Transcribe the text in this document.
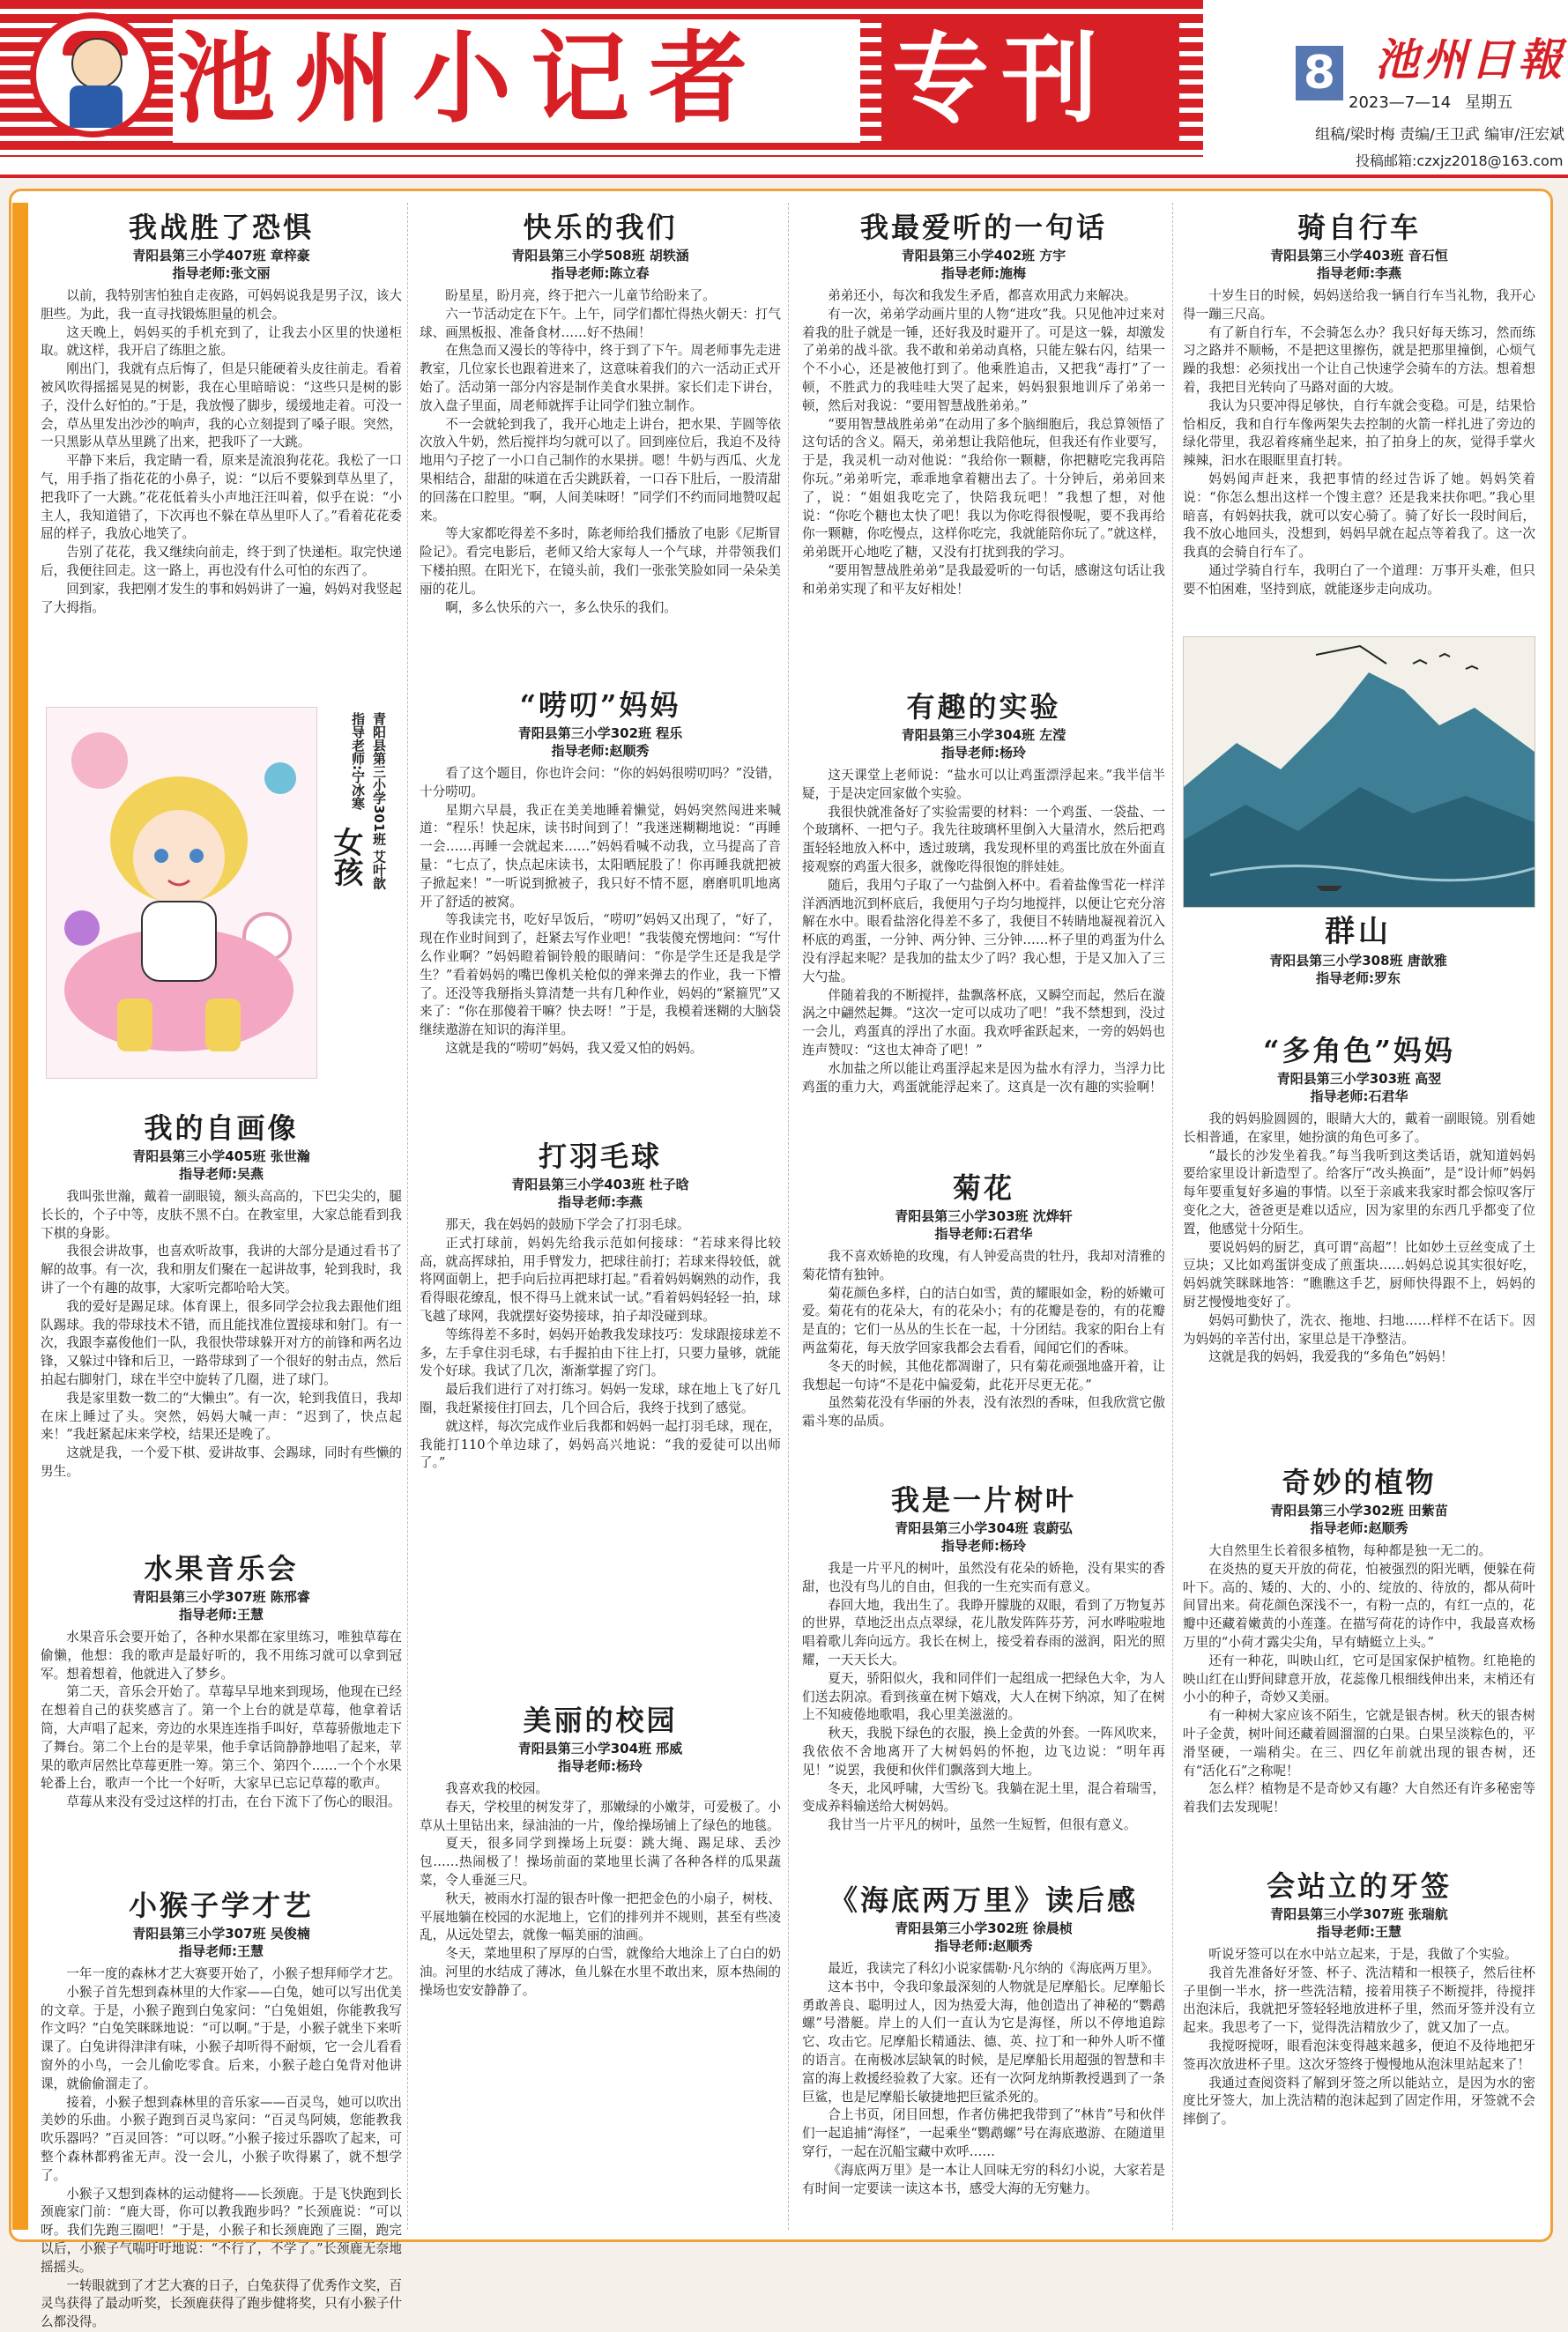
池州小记者 专刊	8 池州日報
2023—7—14 星期五
组稿/梁时梅 责编/王卫武 编审/汪宏斌
投稿邮箱:czxjz2018@163.com
我战胜了恐惧
青阳县第三小学407班 章梓豪
指导老师:张文丽

以前，我特别害怕独自走夜路，可妈妈说我是男子汉，该大胆些。为此，我一直寻找锻炼胆量的机会。

这天晚上，妈妈买的手机充到了，让我去小区里的快递柜取。就这样，我开启了练胆之旅。

刚出门，我就有点后悔了，但是只能硬着头皮往前走。看着被风吹得摇摇晃晃的树影，我在心里暗暗说：“这些只是树的影子，没什么好怕的。”于是，我放慢了脚步，缓缓地走着。可没一会，草丛里发出沙沙的响声，我的心立刻提到了嗓子眼。突然，一只黑影从草丛里跳了出来，把我吓了一大跳。

平静下来后，我定睛一看，原来是流浪狗花花。我松了一口气，用手指了指花花的小鼻子，说：“以后不要躲到草丛里了，把我吓了一大跳。”花花低着头小声地汪汪叫着，似乎在说：“小主人，我知道错了，下次再也不躲在草丛里吓人了。”看着花花委屈的样子，我放心地笑了。

告别了花花，我又继续向前走，终于到了快递柜。取完快递后，我便往回走。这一路上，再也没有什么可怕的东西了。

回到家，我把刚才发生的事和妈妈讲了一遍，妈妈对我竖起了大拇指。

青阳县第三小学301班 艾叶歆
指导老师:宁冰寒
女孩
我的自画像
青阳县第三小学405班 张世瀚
指导老师:吴燕

我叫张世瀚，戴着一副眼镜，额头高高的，下巴尖尖的，腿长长的，个子中等，皮肤不黑不白。在教室里，大家总能看到我下棋的身影。

我很会讲故事，也喜欢听故事，我讲的大部分是通过看书了解的故事。有一次，我和朋友们聚在一起讲故事，轮到我时，我讲了一个有趣的故事，大家听完都哈哈大笑。

我的爱好是踢足球。体育课上，很多同学会拉我去跟他们组队踢球。我的带球技术不错，而且能找准位置接球和射门。有一次，我跟李嘉俊他们一队，我很快带球躲开对方的前锋和两名边锋，又躲过中锋和后卫，一路带球到了一个很好的射击点，然后拍起右脚射门，球在半空中旋转了几圈，进了球门。

我是家里数一数二的“大懒虫”。有一次，轮到我值日，我却在床上睡过了头。突然，妈妈大喊一声：“迟到了，快点起来！”我赶紧起床来学校，结果还是晚了。

这就是我，一个爱下棋、爱讲故事、会踢球，同时有些懒的男生。

水果音乐会
青阳县第三小学307班 陈邢睿
指导老师:王慧

水果音乐会要开始了，各种水果都在家里练习，唯独草莓在偷懒，他想：我的歌声是最好听的，我不用练习就可以拿到冠军。想着想着，他就进入了梦乡。

第二天，音乐会开始了。草莓早早地来到现场，他现在已经在想着自己的获奖感言了。第一个上台的就是草莓，他拿着话筒，大声唱了起来，旁边的水果连连指手叫好，草莓骄傲地走下了舞台。第二个上台的是苹果，他手拿话筒静静地唱了起来，苹果的歌声居然比草莓更胜一筹。第三个、第四个……一个个水果轮番上台，歌声一个比一个好听，大家早已忘记草莓的歌声。

草莓从来没有受过这样的打击，在台下流下了伤心的眼泪。

小猴子学才艺
青阳县第三小学307班 吴俊楠
指导老师:王慧

一年一度的森林才艺大赛要开始了，小猴子想拜师学才艺。

小猴子首先想到森林里的大作家——白兔，她可以写出优美的文章。于是，小猴子跑到白兔家问：“白兔姐姐，你能教我写作文吗？”白兔笑眯眯地说：“可以啊。”于是，小猴子就坐下来听课了。白兔讲得津津有味，小猴子却听得不耐烦，它一会儿看看窗外的小鸟，一会儿偷吃零食。后来，小猴子趁白兔背对他讲课，就偷偷溜走了。

接着，小猴子想到森林里的音乐家——百灵鸟，她可以吹出美妙的乐曲。小猴子跑到百灵鸟家问：“百灵鸟阿姨，您能教我吹乐器吗？”百灵回答：“可以呀。”小猴子接过乐器吹了起来，可整个森林都鸦雀无声。没一会儿，小猴子吹得累了，就不想学了。

小猴子又想到森林的运动健将——长颈鹿。于是飞快跑到长颈鹿家门前：“鹿大哥，你可以教我跑步吗？”长颈鹿说：“可以呀。我们先跑三圈吧！”于是，小猴子和长颈鹿跑了三圈，跑完以后，小猴子气喘吁吁地说：“不行了，不学了。”长颈鹿无奈地摇摇头。

一转眼就到了才艺大赛的日子，白兔获得了优秀作文奖，百灵鸟获得了最动听奖，长颈鹿获得了跑步健将奖，只有小猴子什么都没得。

快乐的我们
青阳县第三小学508班 胡轶涵
指导老师:陈立春

盼星星，盼月亮，终于把六一儿童节给盼来了。

六一节活动定在下午。上午，同学们都忙得热火朝天：打气球、画黑板报、准备食材……好不热闹！

在焦急而又漫长的等待中，终于到了下午。周老师事先走进教室，几位家长也跟着进来了，这意味着我们的六一活动正式开始了。活动第一部分内容是制作美食水果拼。家长们走下讲台，放入盘子里面，周老师就挥手让同学们独立制作。

不一会就轮到我了，我开心地走上讲台，把水果、芋圆等依次放入牛奶，然后搅拌均匀就可以了。回到座位后，我迫不及待地用勺子挖了一小口自己制作的水果拼。嗯！牛奶与西瓜、火龙果相结合，甜甜的味道在舌尖跳跃着，一口吞下肚后，一股清甜的回荡在口腔里。“啊，人间美味呀！”同学们不约而同地赞叹起来。

等大家都吃得差不多时，陈老师给我们播放了电影《尼斯冒险记》。看完电影后，老师又给大家每人一个气球，并带领我们下楼拍照。在阳光下，在镜头前，我们一张张笑脸如同一朵朵美丽的花儿。

啊，多么快乐的六一，多么快乐的我们。

“唠叨”妈妈
青阳县第三小学302班 程乐
指导老师:赵顺秀

看了这个题目，你也许会问：“你的妈妈很唠叨吗？”没错，十分唠叨。

星期六早晨，我正在美美地睡着懒觉，妈妈突然闯进来喊道：“程乐！快起床，读书时间到了！”我迷迷糊糊地说：“再睡一会……再睡一会就起来……”妈妈看喊不动我，立马提高了音量：“七点了，快点起床读书，太阳晒屁股了！你再睡我就把被子掀起来！”一听说到掀被子，我只好不情不愿，磨磨叽叽地离开了舒适的被窝。

等我读完书，吃好早饭后，“唠叨”妈妈又出现了，“好了，现在作业时间到了，赶紧去写作业吧！”我装傻充愣地问：“写什么作业啊？”妈妈瞪着铜铃般的眼睛问：“你是学生还是我是学生？”看着妈妈的嘴巴像机关枪似的弹来弹去的作业，我一下懵了。还没等我掰指头算清楚一共有几种作业，妈妈的“紧箍咒”又来了：“你在那傻着干嘛？快去呀！”于是，我模着迷糊的大脑袋继续遨游在知识的海洋里。

这就是我的“唠叨”妈妈，我又爱又怕的妈妈。

打羽毛球
青阳县第三小学403班 杜子晗
指导老师:李燕

那天，我在妈妈的鼓励下学会了打羽毛球。

正式打球前，妈妈先给我示范如何接球：“若球来得比较高，就高挥球拍，用手臂发力，把球往前打；若球来得较低，就将网面朝上，把手向后拉再把球打起。”看着妈妈娴熟的动作，我看得眼花缭乱，恨不得马上就来试一试。”看着妈妈轻轻一拍，球飞越了球网，我就摆好姿势接球，拍子却没碰到球。

等练得差不多时，妈妈开始教我发球技巧：发球跟接球差不多，左手拿住羽毛球，右手握拍由下往上打，只要力量够，就能发个好球。我试了几次，渐渐掌握了窍门。

最后我们进行了对打练习。妈妈一发球，球在地上飞了好几圈，我赶紧接住打回去，几个回合后，我终于找到了感觉。

就这样，每次完成作业后我都和妈妈一起打羽毛球，现在，我能打110个单边球了，妈妈高兴地说：“我的爱徒可以出师了。”

美丽的校园
青阳县第三小学304班 邢威
指导老师:杨玲

我喜欢我的校园。

春天，学校里的树发芽了，那嫩绿的小嫩芽，可爱极了。小草从土里钻出来，绿油油的一片，像给操场铺上了绿色的地毯。

夏天，很多同学到操场上玩耍：跳大绳、踢足球、丢沙包……热闹极了！操场前面的菜地里长满了各种各样的瓜果蔬菜，令人垂涎三尺。

秋天，被雨水打湿的银杏叶像一把把金色的小扇子，树枝、平展地躺在校园的水泥地上，它们的排列并不规则，甚至有些凌乱，从远处望去，就像一幅美丽的油画。

冬天，菜地里积了厚厚的白雪，就像给大地涂上了白白的奶油。河里的水结成了薄冰，鱼儿躲在水里不敢出来，原本热闹的操场也安安静静了。

我最爱听的一句话
青阳县第三小学402班 方宇
指导老师:施梅

弟弟还小，每次和我发生矛盾，都喜欢用武力来解决。

有一次，弟弟学动画片里的人物“进攻”我。只见他冲过来对着我的肚子就是一锤，还好我及时避开了。可是这一躲，却激发了弟弟的战斗欲。我不敢和弟弟动真格，只能左躲右闪，结果一个不小心，还是被他打到了。他乘胜追击，又把我“毒打”了一顿，不胜武力的我哇哇大哭了起来，妈妈狠狠地训斥了弟弟一顿，然后对我说：“要用智慧战胜弟弟。”

“要用智慧战胜弟弟”在动用了多个脑细胞后，我总算领悟了这句话的含义。隔天，弟弟想让我陪他玩，但我还有作业要写，于是，我灵机一动对他说：“我给你一颗糖，你把糖吃完我再陪你玩。”弟弟听完，乖乖地拿着糖出去了。十分钟后，弟弟回来了，说：“姐姐我吃完了，快陪我玩吧！”我想了想，对他说：“你吃个糖也太快了吧！我以为你吃得很慢呢，要不我再给你一颗糖，你吃慢点，这样你吃完，我就能陪你玩了。”就这样，弟弟既开心地吃了糖，又没有打扰到我的学习。

“要用智慧战胜弟弟”是我最爱听的一句话，感谢这句话让我和弟弟实现了和平友好相处！

有趣的实验
青阳县第三小学304班 左滢
指导老师:杨玲

这天课堂上老师说：“盐水可以让鸡蛋漂浮起来。”我半信半疑，于是决定回家做个实验。

我很快就准备好了实验需要的材料：一个鸡蛋、一袋盐、一个玻璃杯、一把勺子。我先往玻璃杯里倒入大量清水，然后把鸡蛋轻轻地放入杯中，透过玻璃，我发现杯里的鸡蛋比放在外面直接观察的鸡蛋大很多，就像吃得很饱的胖娃娃。

随后，我用勺子取了一勺盐倒入杯中。看着盐像雪花一样洋洋洒洒地沉到杯底后，我便用勺子均匀地搅拌，以便让它充分溶解在水中。眼看盐溶化得差不多了，我便目不转睛地凝视着沉入杯底的鸡蛋，一分钟、两分钟、三分钟……杯子里的鸡蛋为什么没有浮起来呢？是我加的盐太少了吗？我心想，于是又加入了三大勺盐。

伴随着我的不断搅拌，盐飘落杯底，又瞬空而起，然后在漩涡之中翩然起舞。“这次一定可以成功了吧！”我不禁想到，没过一会儿，鸡蛋真的浮出了水面。我欢呼雀跃起来，一旁的妈妈也连声赞叹：“这也太神奇了吧！”

水加盐之所以能让鸡蛋浮起来是因为盐水有浮力，当浮力比鸡蛋的重力大，鸡蛋就能浮起来了。这真是一次有趣的实验啊！

菊花
青阳县第三小学303班 沈烨轩
指导老师:石君华

我不喜欢娇艳的玫瑰，有人钟爱高贵的牡丹，我却对清雅的菊花情有独钟。

菊花颜色多样，白的洁白如雪，黄的耀眼如金，粉的娇嫩可爱。菊花有的花朵大，有的花朵小；有的花瓣是卷的，有的花瓣是直的；它们一丛丛的生长在一起，十分团结。我家的阳台上有两盆菊花，每天放学回家我都会去看看，闻闻它们的香味。

冬天的时候，其他花都凋谢了，只有菊花顽强地盛开着，让我想起一句诗“不是花中偏爱菊，此花开尽更无花。”

虽然菊花没有华丽的外表，没有浓烈的香味，但我欣赏它傲霜斗寒的品质。

我是一片树叶
青阳县第三小学304班 袁蔚弘
指导老师:杨玲

我是一片平凡的树叶，虽然没有花朵的娇艳，没有果实的香甜，也没有鸟儿的自由，但我的一生充实而有意义。

春回大地，我出生了。我睁开朦胧的双眼，看到了万物复苏的世界，草地泛出点点翠绿，花儿散发阵阵芬芳，河水哗啦啦地唱着歌儿奔向远方。我长在树上，接受着春雨的滋润，阳光的照耀，一天天长大。

夏天，骄阳似火，我和同伴们一起组成一把绿色大伞，为人们送去阴凉。看到孩童在树下嬉戏，大人在树下纳凉，知了在树上不知疲倦地歌唱，我心里美滋滋的。

秋天，我脱下绿色的衣服，换上金黄的外套。一阵风吹来，我依依不舍地离开了大树妈妈的怀抱，边飞边说：“明年再见！”说罢，我便和伙伴们飘落到大地上。

冬天，北风呼啸，大雪纷飞。我躺在泥土里，混合着瑞雪，变成养料输送给大树妈妈。

我甘当一片平凡的树叶，虽然一生短暂，但很有意义。

《海底两万里》读后感
青阳县第三小学302班 徐晨桢
指导老师:赵顺秀

最近，我读完了科幻小说家儒勒·凡尔纳的《海底两万里》。

这本书中，令我印象最深刻的人物就是尼摩船长。尼摩船长勇敢善良、聪明过人，因为热爱大海，他创造出了神秘的“鹦鹉螺”号潜艇。岸上的人们一直认为它是海怪，所以不停地追踪它、攻击它。尼摩船长精通法、德、英、拉丁和一种外人听不懂的语言。在南极冰层缺氧的时候，是尼摩船长用超强的智慧和丰富的海上救援经验救了大家。还有一次阿龙纳斯教授遇到了一条巨鲨，也是尼摩船长敏捷地把巨鲨杀死的。

合上书页，闭目回想，作者仿佛把我带到了“林肯”号和伙伴们一起追捕“海怪”，一起乘坐“鹦鹉螺”号在海底遨游、在随道里穿行，一起在沉船宝藏中欢呼……

《海底两万里》是一本让人回味无穷的科幻小说，大家若是有时间一定要读一读这本书，感受大海的无穷魅力。

骑自行车
青阳县第三小学403班 音石恒
指导老师:李燕

十岁生日的时候，妈妈送给我一辆自行车当礼物，我开心得一蹦三尺高。

有了新自行车，不会骑怎么办？我只好每天练习，然而练习之路并不顺畅，不是把这里擦伤，就是把那里撞倒，心烦气躁的我想：必须找出一个让自己快速学会骑车的方法。想着想着，我把目光转向了马路对面的大坡。

我认为只要冲得足够快，自行车就会变稳。可是，结果恰恰相反，我和自行车像两架失去控制的火箭一样扎进了旁边的绿化带里，我忍着疼痛坐起来，拍了拍身上的灰，觉得手掌火辣辣，汩水在眼眶里直打转。

妈妈闻声赶来，我把事情的经过告诉了她。妈妈笑着说：“你怎么想出这样一个馊主意？还是我来扶你吧。”我心里暗喜，有妈妈扶我，就可以安心骑了。骑了好长一段时间后，我不放心地回头，没想到，妈妈早就在起点等着我了。这一次我真的会骑自行车了。

通过学骑自行车，我明白了一个道理：万事开头难，但只要不怕困难，坚持到底，就能逐步走向成功。

群山
青阳县第三小学308班 唐歆雅
指导老师:罗东
“多角色”妈妈
青阳县第三小学303班 高翌
指导老师:石君华

我的妈妈脸圆圆的，眼睛大大的，戴着一副眼镜。别看她长相普通，在家里，她扮演的角色可多了。

“最长的沙发坐着我。”每当我听到这类话语，就知道妈妈要给家里设计新造型了。给客厅“改头换面”，是“设计师”妈妈每年要重复好多遍的事情。以至于亲戚来我家时都会惊叹客厅变化之大，爸爸更是难以适应，因为家里的东西几乎都变了位置，他感觉十分陌生。

要说妈妈的厨艺，真可谓“高超”！比如妙土豆丝变成了土豆块；又比如鸡蛋饼变成了煎蛋块……妈妈总说其实很好吃，妈妈就笑眯眯地答：“瞧瞧这手艺，厨师快得跟不上，妈妈的厨艺慢慢地变好了。

妈妈可勤快了，洗衣、拖地、扫地……样样不在话下。因为妈妈的辛苦付出，家里总是干净整洁。

这就是我的妈妈，我爱我的“多角色”妈妈！

奇妙的植物
青阳县第三小学302班 田紫苗
指导老师:赵顺秀

大自然里生长着很多植物，每种都是独一无二的。

在炎热的夏天开放的荷花，怕被强烈的阳光晒，便躲在荷叶下。高的、矮的、大的、小的、绽放的、待放的，都从荷叶间冒出来。荷花颜色深浅不一，有粉一点的，有红一点的，花瓣中还藏着嫩黄的小莲蓬。在描写荷花的诗作中，我最喜欢杨万里的“小荷才露尖尖角，早有蜻蜓立上头。”

还有一种花，叫映山红，它可是国家保护植物。红艳艳的映山红在山野间肆意开放，花蕊像几根细线伸出来，末梢还有小小的种子，奇妙又美丽。

有一种树大家应该不陌生，它就是银杏树。秋天的银杏树叶子金黄，树叶间还藏着圆溜溜的白果。白果呈淡粽色的，平滑坚硬，一端稍尖。在三、四亿年前就出现的银杏树，还有“活化石”之称呢！

怎么样？植物是不是奇妙又有趣？大自然还有许多秘密等着我们去发现呢！

会站立的牙签
青阳县第三小学307班 张瑞航
指导老师:王慧

听说牙签可以在水中站立起来，于是，我做了个实验。

我首先准备好牙签、杯子、洗洁精和一根筷子，然后往杯子里倒一半水，挤一些洗洁精，接着用筷子不断搅拌，待搅拌出泡沫后，我就把牙签轻轻地放进杯子里，然而牙签并没有立起来。我思考了一下，觉得洗洁精放少了，就又加了一点。

我搅呀搅呀，眼看泡沫变得越来越多，便迫不及待地把牙签再次放进杯子里。这次牙签终于慢慢地从泡沫里站起来了！

我通过查阅资料了解到牙签之所以能站立，是因为水的密度比牙签大，加上洗洁精的泡沫起到了固定作用，牙签就不会摔倒了。
